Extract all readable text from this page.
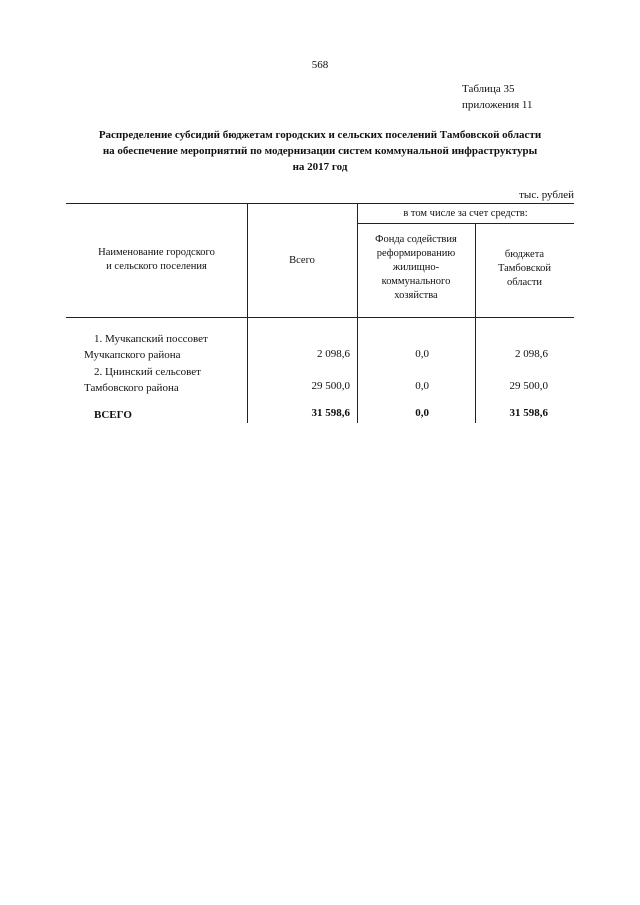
568
Таблица 35
приложения 11
Распределение субсидий бюджетам городских и сельских поселений Тамбовской области
на обеспечение мероприятий по модернизации систем коммунальной инфраструктуры
на 2017 год
тыс. рублей
Наименование городского
и сельского поселения
Всего
в том числе за счет средств:
Фонда содействия
реформированию
жилищно-
коммунального
хозяйства
бюджета
Тамбовской
области
1. Мучкапский поссовет
Мучкапского района	2 098,6	0,0	2 098,6
2. Цнинский сельсовет
Тамбовского района	29 500,0	0,0	29 500,0
ВСЕГО	31 598,6	0,0	31 598,6
